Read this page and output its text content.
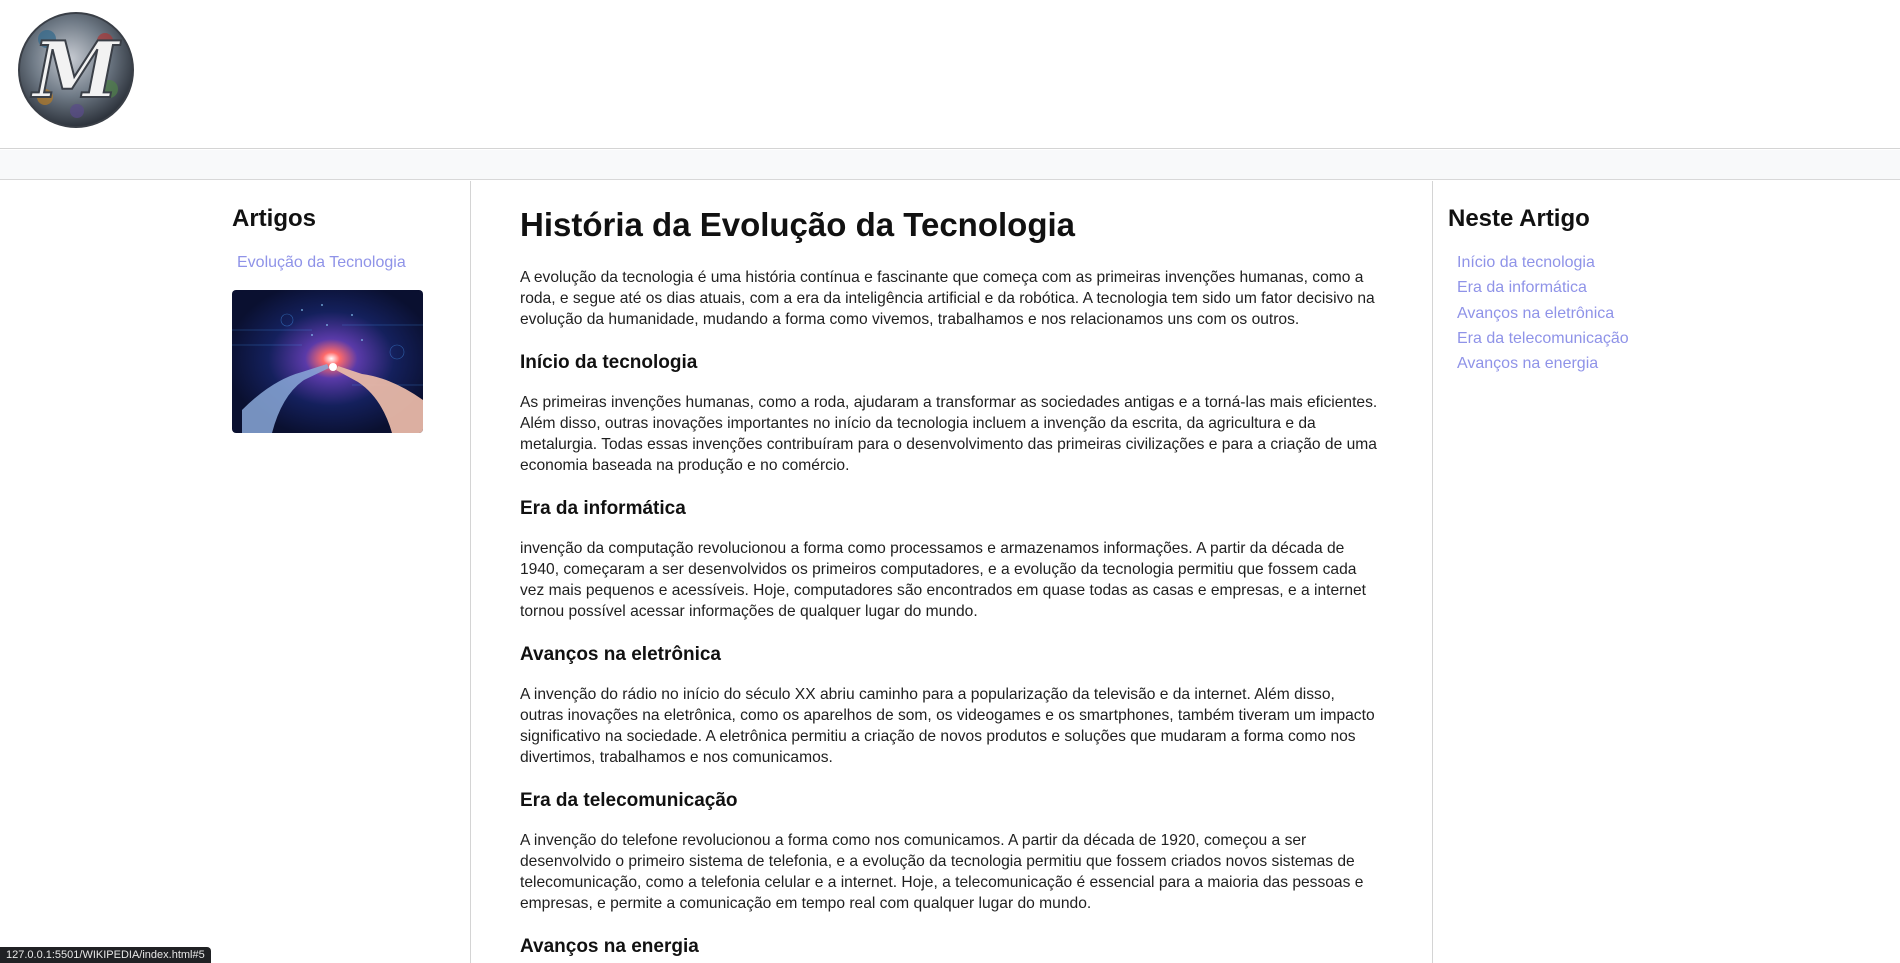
M
Artigos
Evolução da Tecnologia
História da Evolução da Tecnologia

A evolução da tecnologia é uma história contínua e fascinante que começa com as primeiras invenções humanas, como a roda, e segue até os dias atuais, com a era da inteligência artificial e da robótica. A tecnologia tem sido um fator decisivo na evolução da humanidade, mudando a forma como vivemos, trabalhamos e nos relacionamos uns com os outros.

Início da tecnologia

As primeiras invenções humanas, como a roda, ajudaram a transformar as sociedades antigas e a torná-las mais eficientes. Além disso, outras inovações importantes no início da tecnologia incluem a invenção da escrita, da agricultura e da metalurgia. Todas essas invenções contribuíram para o desenvolvimento das primeiras civilizações e para a criação de uma economia baseada na produção e no comércio.

Era da informática

invenção da computação revolucionou a forma como processamos e armazenamos informações. A partir da década de 1940, começaram a ser desenvolvidos os primeiros computadores, e a evolução da tecnologia permitiu que fossem cada vez mais pequenos e acessíveis. Hoje, computadores são encontrados em quase todas as casas e empresas, e a internet tornou possível acessar informações de qualquer lugar do mundo.

Avanços na eletrônica

A invenção do rádio no início do século XX abriu caminho para a popularização da televisão e da internet. Além disso, outras inovações na eletrônica, como os aparelhos de som, os videogames e os smartphones, também tiveram um impacto significativo na sociedade. A eletrônica permitiu a criação de novos produtos e soluções que mudaram a forma como nos divertimos, trabalhamos e nos comunicamos.

Era da telecomunicação

A invenção do telefone revolucionou a forma como nos comunicamos. A partir da década de 1920, começou a ser desenvolvido o primeiro sistema de telefonia, e a evolução da tecnologia permitiu que fossem criados novos sistemas de telecomunicação, como a telefonia celular e a internet. Hoje, a telecomunicação é essencial para a maioria das pessoas e empresas, e permite a comunicação em tempo real com qualquer lugar do mundo.

Avanços na energia
Neste Artigo
Início da tecnologia
Era da informática
Avanços na eletrônica
Era da telecomunicação
Avanços na energia
127.0.0.1:5501/WIKIPEDIA/index.html#5
